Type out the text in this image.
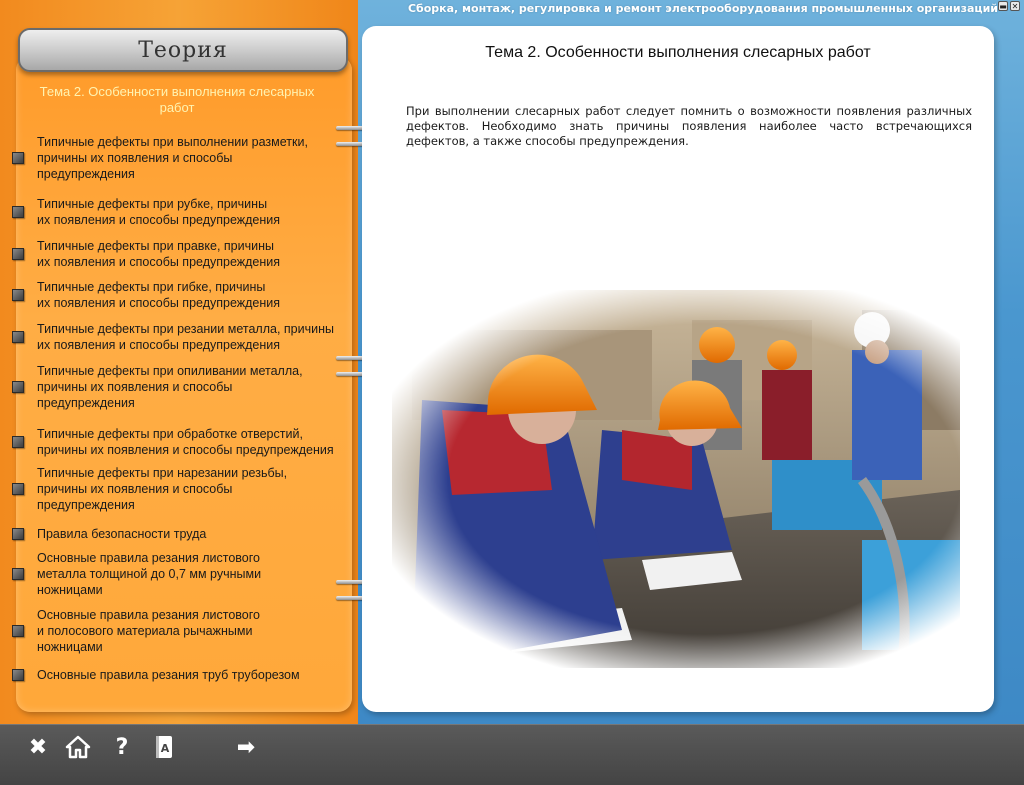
Сборка, монтаж, регулировка и ремонт электрооборудования промышленных организаций ▬ ✕
Теория
Тема 2. Особенности выполнения слесарных работ
Типичные дефекты при выполнении разметки,
причины их появления и способы
предупреждения
Типичные дефекты при рубке, причины
их появления и способы предупреждения
Типичные дефекты при правке, причины
их появления и способы предупреждения
Типичные дефекты при гибке, причины
их появления и способы предупреждения
Типичные дефекты при резании металла, причины
их появления и способы предупреждения
Типичные дефекты при опиливании металла,
причины их появления и способы
предупреждения
Типичные дефекты при обработке отверстий,
причины их появления и способы предупреждения
Типичные дефекты при нарезании резьбы,
причины их появления и способы
предупреждения
Правила безопасности труда
Основные правила резания листового
металла толщиной до 0,7 мм ручными
ножницами
Основные правила резания листового
и полосового материала рычажными
ножницами
Основные правила резания труб труборезом
Тема 2. Особенности выполнения слесарных работ
При выполнении слесарных работ следует помнить о возможности появления различных дефектов. Необходимо знать причины появления наиболее часто встречающихся дефектов, а также способы предупреждения.
✖	?	A	➡
